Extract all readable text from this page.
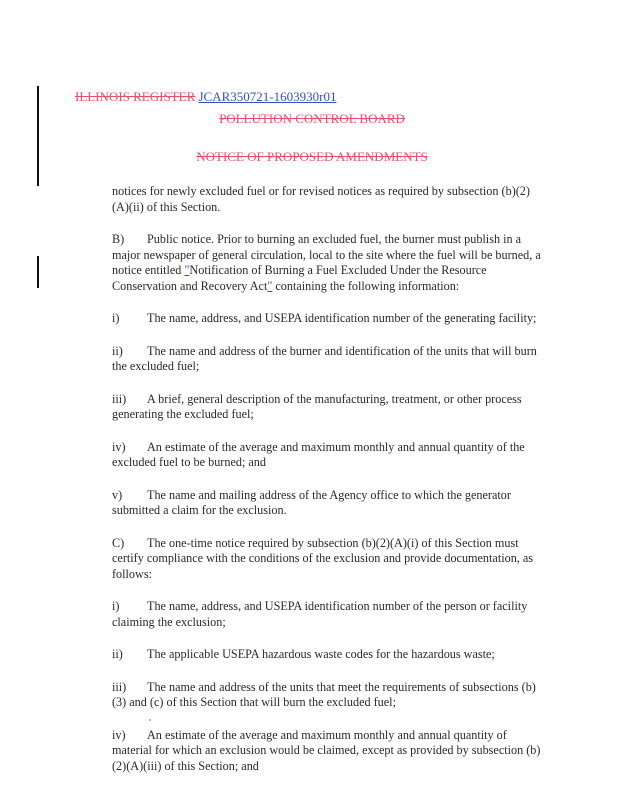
ILLINOIS REGISTER JCAR350721-1603930r01
POLLUTION CONTROL BOARD
NOTICE OF PROPOSED AMENDMENTS

notices for newly excluded fuel or for revised notices as required by subsection (b)(2)(A)(ii) of this Section.

B) Public notice. Prior to burning an excluded fuel, the burner must publish in a major newspaper of general circulation, local to the site where the fuel will be burned, a notice entitled "Notification of Burning a Fuel Excluded Under the Resource Conservation and Recovery Act" containing the following information:

i) The name, address, and USEPA identification number of the generating facility;

ii) The name and address of the burner and identification of the units that will burn the excluded fuel;

iii) A brief, general description of the manufacturing, treatment, or other process generating the excluded fuel;

iv) An estimate of the average and maximum monthly and annual quantity of the excluded fuel to be burned; and

v) The name and mailing address of the Agency office to which the generator submitted a claim for the exclusion.

C) The one-time notice required by subsection (b)(2)(A)(i) of this Section must certify compliance with the conditions of the exclusion and provide documentation, as follows:

i) The name, address, and USEPA identification number of the person or facility claiming the exclusion;

ii) The applicable USEPA hazardous waste codes for the hazardous waste;

iii) The name and address of the units that meet the requirements of subsections (b)(3) and (c) of this Section that will burn the excluded fuel;

iv) An estimate of the average and maximum monthly and annual quantity of material for which an exclusion would be claimed, except as provided by subsection (b)(2)(A)(iii) of this Section; and
